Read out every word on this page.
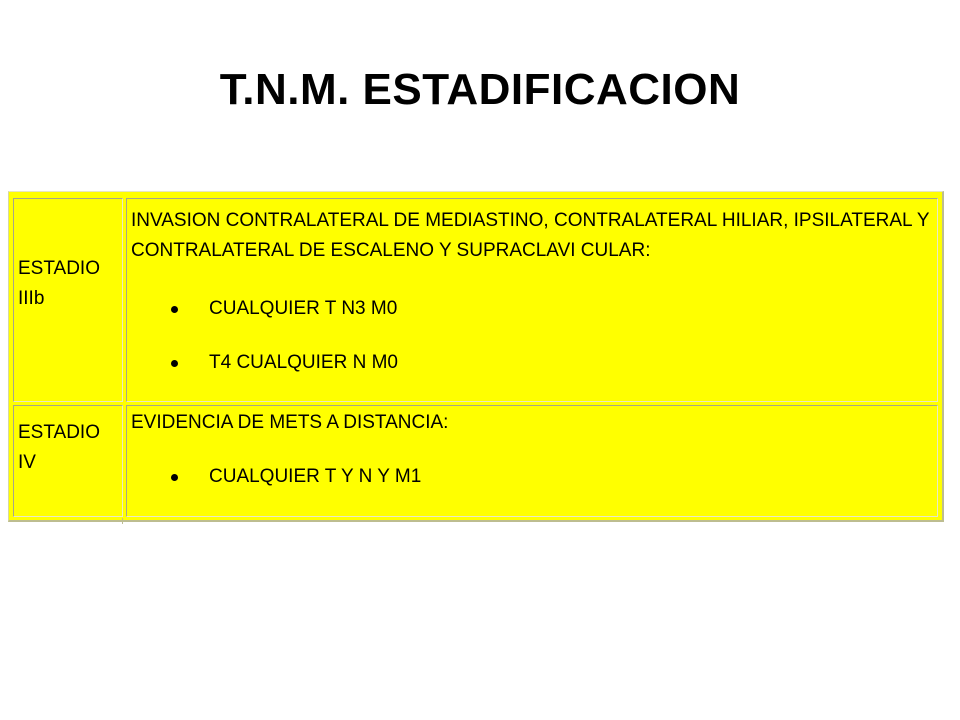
T.N.M. ESTADIFICACION
ESTADIO
IIIb
INVASION CONTRALATERAL DE MEDIASTINO, CONTRALATERAL HILIAR, IPSILATERAL Y CONTRALATERAL DE ESCALENO Y SUPRACLAVI CULAR:
CUALQUIER T N3 M0
T4 CUALQUIER N M0
ESTADIO
IV
EVIDENCIA DE METS A DISTANCIA:
CUALQUIER T Y N Y M1
